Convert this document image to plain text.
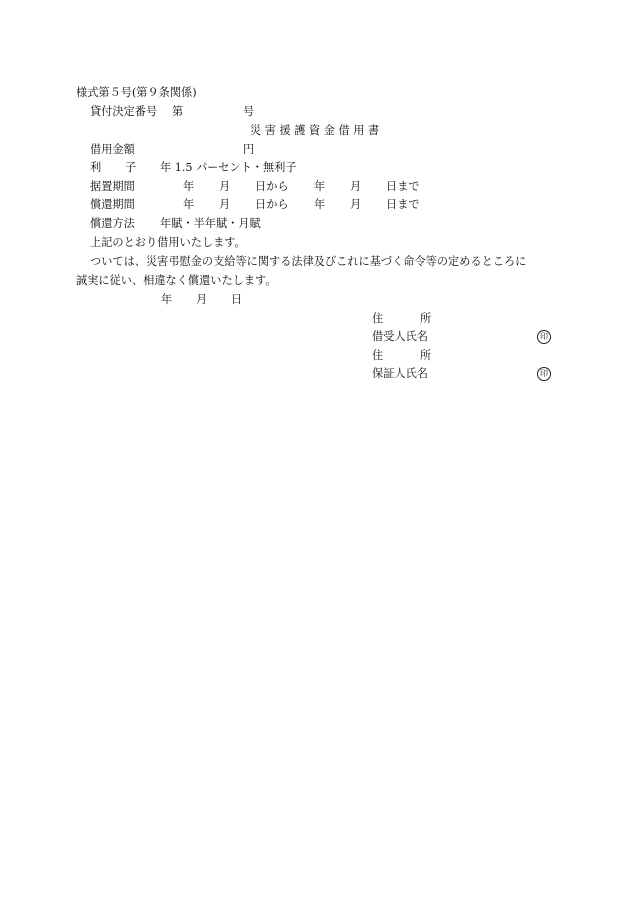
様式第５号(第９条関係)
貸付決定番号 第	号
災 害 援 護 資 金 借 用 書
借用金額	円
利 子 年 1.5 パーセント・無利子
据置期間	年 月 日から 年 月 日まで
償還期間	年 月 日から 年 月 日まで
償還方法 年賦・半年賦・月賦
上記のとおり借用いたします。
ついては、災害弔慰金の支給等に関する法律及びこれに基づく命令等の定めるところに
誠実に従い、相違なく償還いたします。
年 月 日
住	所
借受人氏名	印
住	所
保証人氏名	印
